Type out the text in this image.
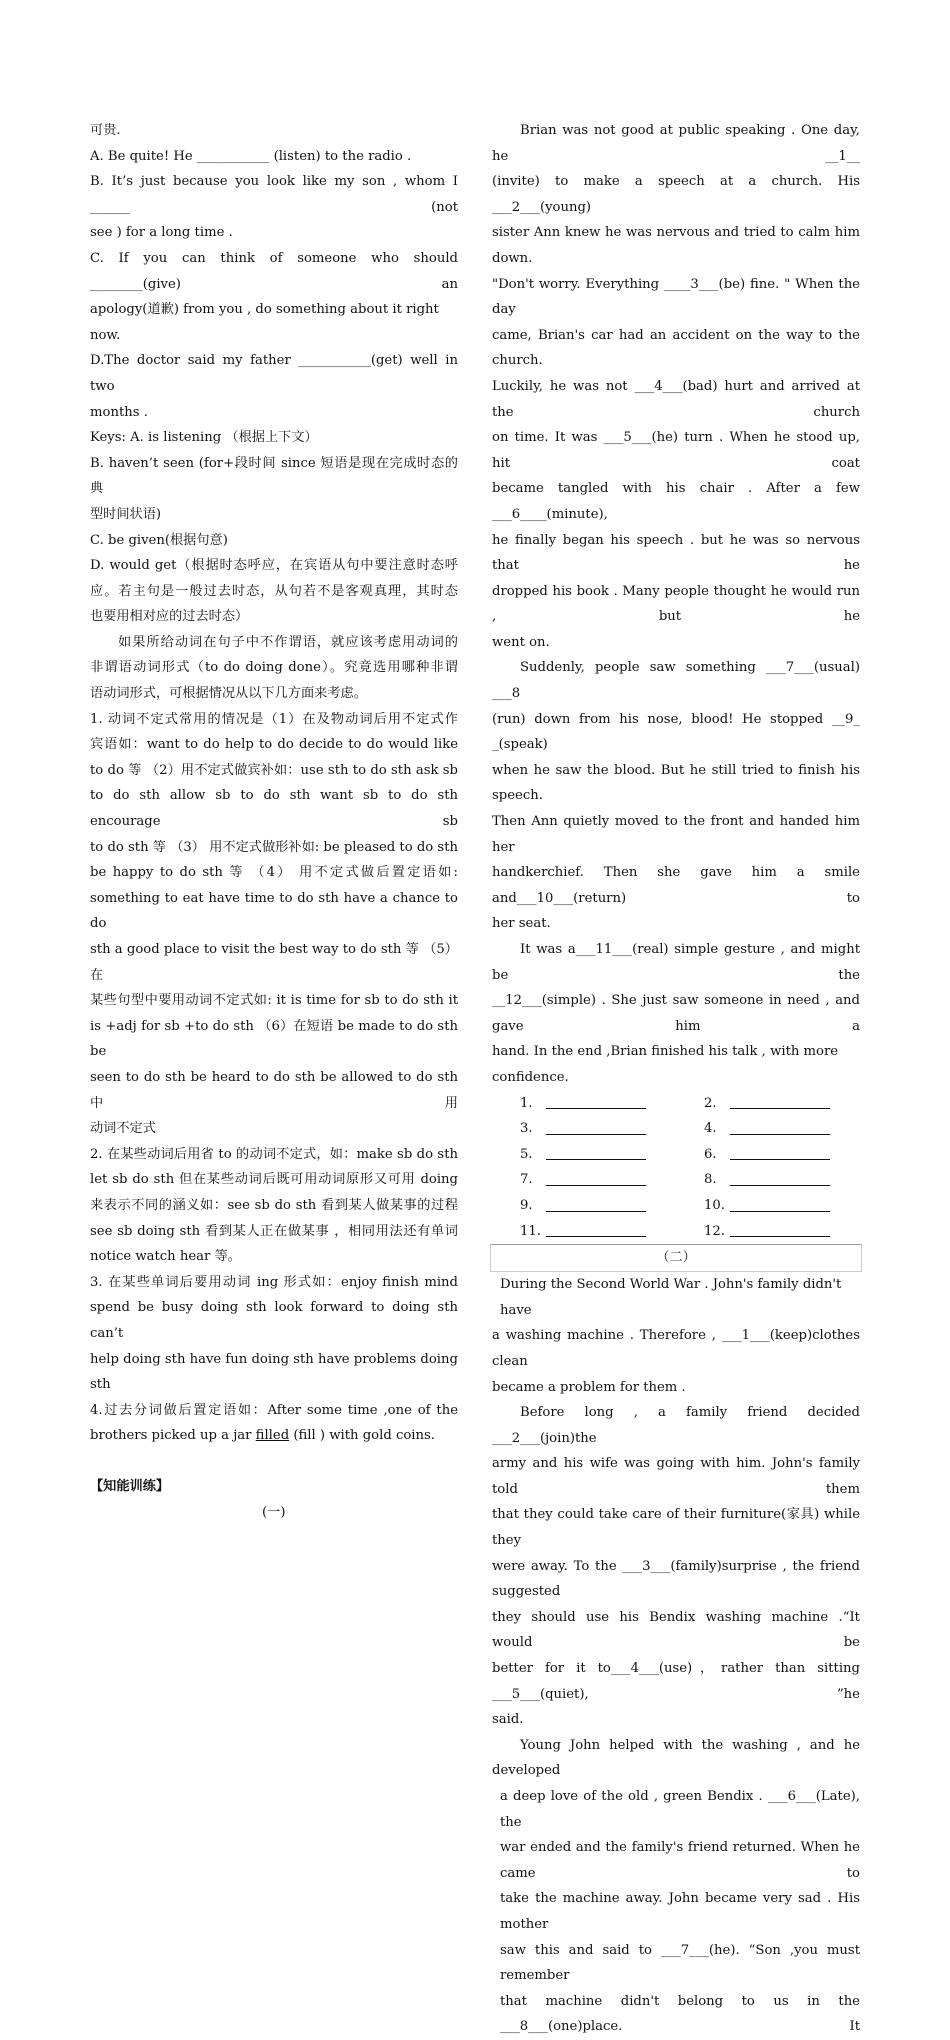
可贵.

A. Be quite! He ___________ (listen) to the radio .

B. It’s just because you look like my son , whom I ______ (not

see ) for a long time .

C. If you can think of someone who should ________(give) an

apology(道歉) from you , do something about it right now.

D.The doctor said my father ___________(get) well in two

months .

Keys: A. is listening （根据上下文）

B. haven’t seen (for+段时间 since 短语是现在完成时态的典

型时间状语)

C. be given(根据句意)

D. would get（根据时态呼应，在宾语从句中要注意时态呼

应。若主句是一般过去时态，从句若不是客观真理，其时态

也要用相对应的过去时态）

如果所给动词在句子中不作谓语，就应该考虑用动词的

非谓语动词形式（to do doing done）。究竟选用哪种非谓

语动词形式，可根据情况从以下几方面来考虑。

1. 动词不定式常用的情况是（1）在及物动词后用不定式作

宾语如：want to do help to do decide to do would like

to do 等 （2）用不定式做宾补如：use sth to do sth ask sb

to do sth allow sb to do sth want sb to do sth encourage sb

to do sth 等 （3） 用不定式做形补如: be pleased to do sth

be happy to do sth 等 （4） 用不定式做后置定语如:

something to eat have time to do sth have a chance to do

sth a good place to visit the best way to do sth 等 （5）在

某些句型中要用动词不定式如: it is time for sb to do sth it

is +adj for sb +to do sth （6）在短语 be made to do sth be

seen to do sth be heard to do sth be allowed to do sth 中用

动词不定式

2. 在某些动词后用省 to 的动词不定式，如：make sb do sth

let sb do sth 但在某些动词后既可用动词原形又可用 doing

来表示不同的涵义如：see sb do sth 看到某人做某事的过程

see sb doing sth 看到某人正在做某事 ，相同用法还有单词

notice watch hear 等。

3. 在某些单词后要用动词 ing 形式如：enjoy finish mind

spend be busy doing sth look forward to doing sth can’t

help doing sth have fun doing sth have problems doing sth

4.过去分词做后置定语如：After some time ,one of the

brothers picked up a jar filled (fill ) with gold coins.

【知能训练】

(一)

Brian was not good at public speaking . One day, he __1__

(invite) to make a speech at a church. His ___2___(young)

sister Ann knew he was nervous and tried to calm him down.

"Don't worry. Everything ____3___(be) fine. " When the day

came, Brian's car had an accident on the way to the church.

Luckily, he was not ___4___(bad) hurt and arrived at the church

on time. It was ___5___(he) turn . When he stood up, hit coat

became tangled with his chair . After a few ___6____(minute),

he finally began his speech . but he was so nervous that he

dropped his book . Many people thought he would run , but he

went on.

Suddenly, people saw something ___7___(usual) ___8

(run) down from his nose, blood! He stopped __9_ _(speak)

when he saw the blood. But he still tried to finish his speech.

Then Ann quietly moved to the front and handed him her

handkerchief. Then she gave him a smile and___10___(return) to

her seat.

It was a___11___(real) simple gesture , and might be the

__12___(simple) . She just saw someone in need , and gave him a

hand. In the end ,Brian finished his talk , with more confidence.

1.	2.
3.	4.
5.	6.
7.	8.
9.	10.
11.	12.
（二）

During the Second World War . John's family didn't have

a washing machine . Therefore , ___1___(keep)clothes clean

became a problem for them .

Before long , a family friend decided ___2___(join)the

army and his wife was going with him. John's family told them

that they could take care of their furniture(家具) while they

were away. To the ___3___(family)surprise , the friend suggested

they should use his Bendix washing machine .“It would be

better for it to___4___(use)，rather than sitting ___5___(quiet), ”he

said.

Young John helped with the washing , and he developed

a deep love of the old , green Bendix . ___6___(Late), the

war ended and the family's friend returned. When he came to

take the machine away. John became very sad . His mother

saw this and said to ___7___(he). “Son ,you must remember

that machine didn't belong to us in the ___8___(one)place. It
